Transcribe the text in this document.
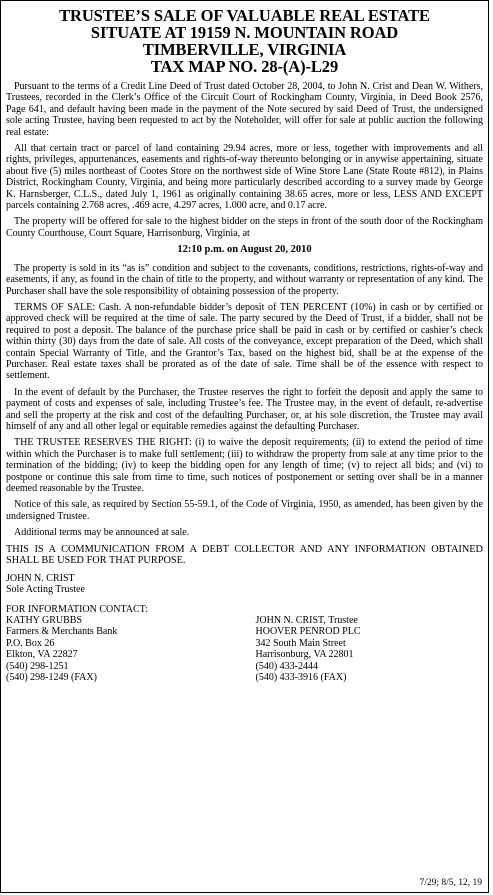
TRUSTEE’S SALE OF VALUABLE REAL ESTATE
SITUATE AT 19159 N. MOUNTAIN ROAD
TIMBERVILLE, VIRGINIA
TAX MAP NO. 28-(A)-L29

Pursuant to the terms of a Credit Line Deed of Trust dated October 28, 2004, to John N. Crist and Dean W. Withers, Trustees, recorded in the Clerk’s Office of the Circuit Court of Rockingham County, Virginia, in Deed Book 2576, Page 641, and default having been made in the payment of the Note secured by said Deed of Trust, the undersigned sole acting Trustee, having been requested to act by the Noteholder, will offer for sale at public auction the following real estate:

All that certain tract or parcel of land containing 29.94 acres, more or less, together with improvements and all rights, privileges, appurtenances, easements and rights-of-way thereunto belonging or in anywise appertaining, situate about five (5) miles northeast of Cootes Store on the northwest side of Wine Store Lane (State Route #812), in Plains District, Rockingham County, Virginia, and being more particularly described according to a survey made by George K. Harnsberger, C.L.S., dated July 1, 1961 as originally containing 38.65 acres, more or less, LESS AND EXCEPT parcels containing 2.768 acres, .469 acre, 4.297 acres, 1.000 acre, and 0.17 acre.

The property will be offered for sale to the highest bidder on the steps in front of the south door of the Rockingham County Courthouse, Court Square, Harrisonburg, Virginia, at

12:10 p.m. on August 20, 2010

The property is sold in its “as is” condition and subject to the covenants, conditions, restrictions, rights-of-way and easements, if any, as found in the chain of title to the property, and without warranty or representation of any kind. The Purchaser shall have the sole responsibility of obtaining possession of the property.

TERMS OF SALE: Cash. A non-refundable bidder’s deposit of TEN PERCENT (10%) in cash or by certified or approved check will be required at the time of sale. The party secured by the Deed of Trust, if a bidder, shall not be required to post a deposit. The balance of the purchase price shall be paid in cash or by certified or cashier’s check within thirty (30) days from the date of sale. All costs of the conveyance, except preparation of the Deed, which shall contain Special Warranty of Title, and the Grantor’s Tax, based on the highest bid, shall be at the expense of the Purchaser. Real estate taxes shall be prorated as of the date of sale. Time shall be of the essence with respect to settlement.

In the event of default by the Purchaser, the Trustee reserves the right to forfeit the deposit and apply the same to payment of costs and expenses of sale, including Trustee’s fee. The Trustee may, in the event of default, re-advertise and sell the property at the risk and cost of the defaulting Purchaser, or, at his sole discretion, the Trustee may avail himself of any and all other legal or equitable remedies against the defaulting Purchaser.

THE TRUSTEE RESERVES THE RIGHT: (i) to waive the deposit requirements; (ii) to extend the period of time within which the Purchaser is to make full settlement; (iii) to withdraw the property from sale at any time prior to the termination of the bidding; (iv) to keep the bidding open for any length of time; (v) to reject all bids; and (vi) to postpone or continue this sale from time to time, such notices of postponement or setting over shall be in a manner deemed reasonable by the Trustee.

Notice of this sale, as required by Section 55-59.1, of the Code of Virginia, 1950, as amended, has been given by the undersigned Trustee.

Additional terms may be announced at sale.

THIS IS A COMMUNICATION FROM A DEBT COLLECTOR AND ANY INFORMATION OBTAINED SHALL BE USED FOR THAT PURPOSE.

JOHN N. CRIST
Sole Acting Trustee
FOR INFORMATION CONTACT:
KATHY GRUBBS
Farmers & Merchants Bank
P.O. Box 26
Elkton, VA 22827
(540) 298-1251
(540) 298-1249 (FAX)
JOHN N. CRIST, Trustee
HOOVER PENROD PLC
342 South Main Street
Harrisonburg, VA 22801
(540) 433-2444
(540) 433-3916 (FAX)
7/29; 8/5, 12, 19
